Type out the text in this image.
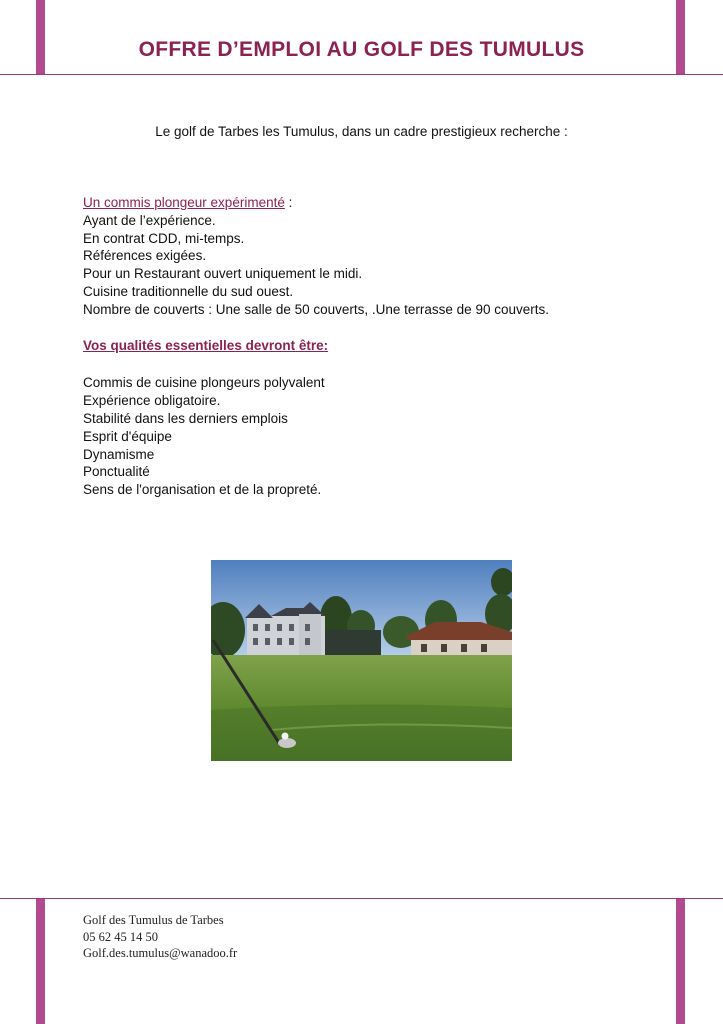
OFFRE D’EMPLOI AU GOLF DES TUMULUS
Le golf de Tarbes les Tumulus, dans un cadre prestigieux recherche :
Un commis plongeur expérimenté :
Ayant de l’expérience.
En contrat CDD, mi-temps.
Références exigées.
Pour un Restaurant ouvert uniquement le midi.
Cuisine traditionnelle du sud ouest.
Nombre de couverts : Une salle de 50 couverts, .Une terrasse de 90 couverts.
Vos qualités essentielles devront être:
Commis de cuisine plongeurs polyvalent
Expérience obligatoire.
Stabilité dans les derniers emplois
Esprit d'équipe
Dynamisme
Ponctualité
Sens de l'organisation et de la propreté.
Golf des Tumulus de Tarbes
05 62 45 14 50
Golf.des.tumulus@wanadoo.fr
